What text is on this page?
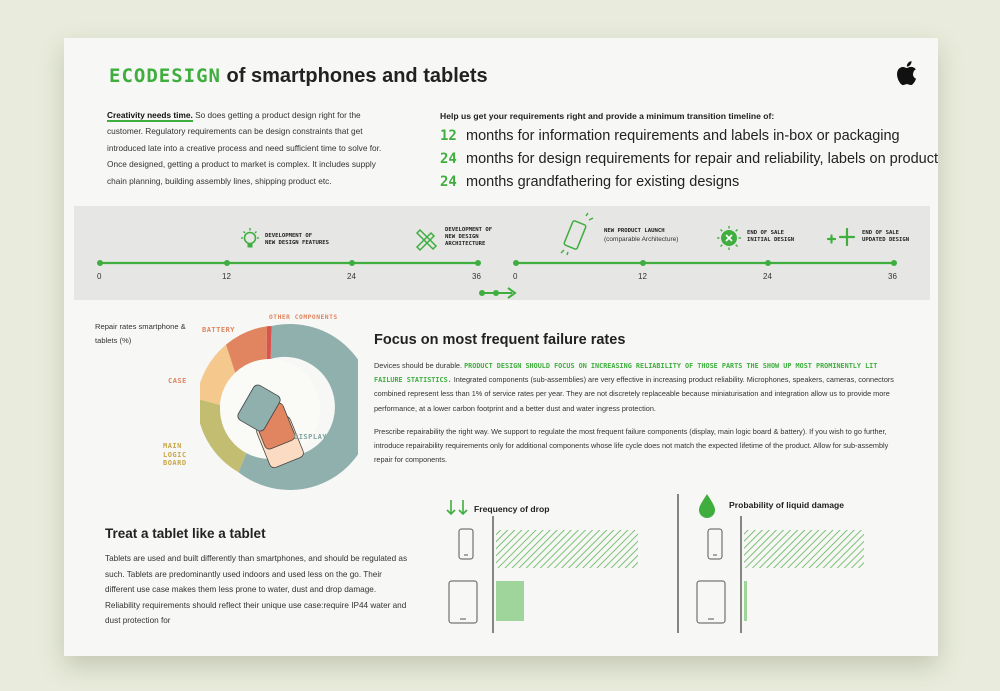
ECODESIGN of smartphones and tablets
Creativity needs time. So does getting a product design right for the customer. Regulatory requirements can be design constraints that get introduced late into a creative process and need sufficient time to solve for. Once designed, getting a product to market is complex. It includes supply chain planning, building assembly lines, shipping product etc.
Help us get your requirements right and provide a minimum transition timeline of:
12 months for information requirements and labels in-box or packaging
24 months for design requirements for repair and reliability, labels on product
24 months grandfathering for existing designs
0	12	24	36	0	12	24	36
DEVELOPMENT OF
NEW DESIGN FEATURES
DEVELOPMENT OF
NEW DESIGN
ARCHITECTURE
NEW PRODUCT LAUNCH
(comparable Architecture)
END OF SALE
INITIAL DESIGN
END OF SALE
UPDATED DESIGN
Repair rates smartphone & tablets (%)
BATTERY
OTHER COMPONENTS
CASE
MAIN LOGIC BOARD
DISPLAY
Focus on most frequent failure rates

Devices should be durable. PRODUCT DESIGN SHOULD FOCUS ON INCREASING RELIABILITY OF THOSE PARTS THE SHOW UP MOST PROMINENTLY LIT FAILURE STATISTICS. Integrated components (sub-assemblies) are very effective in increasing product reliability. Microphones, speakers, cameras, connectors combined represent less than 1% of service rates per year. They are not discretely replaceable because miniaturisation and integration allow us to provide more performance, at a lower carbon footprint and a better dust and water ingress protection.

Prescribe repairability the right way. We support to regulate the most frequent failure components (display, main logic board & battery). If you wish to go further, introduce repairability requirements only for additional components whose life cycle does not match the expected lifetime of the product. Allow for sub-assembly repair for components.

Treat a tablet like a tablet
Tablets are used and built differently than smartphones, and should be regulated as such. Tablets are predominantly used indoors and used less on the go. Their different use case makes them less prone to water, dust and drop damage. Reliability requirements should reflect their unique use case:require IP44 water and dust protection for
Frequency of drop	Probability of liquid damage
